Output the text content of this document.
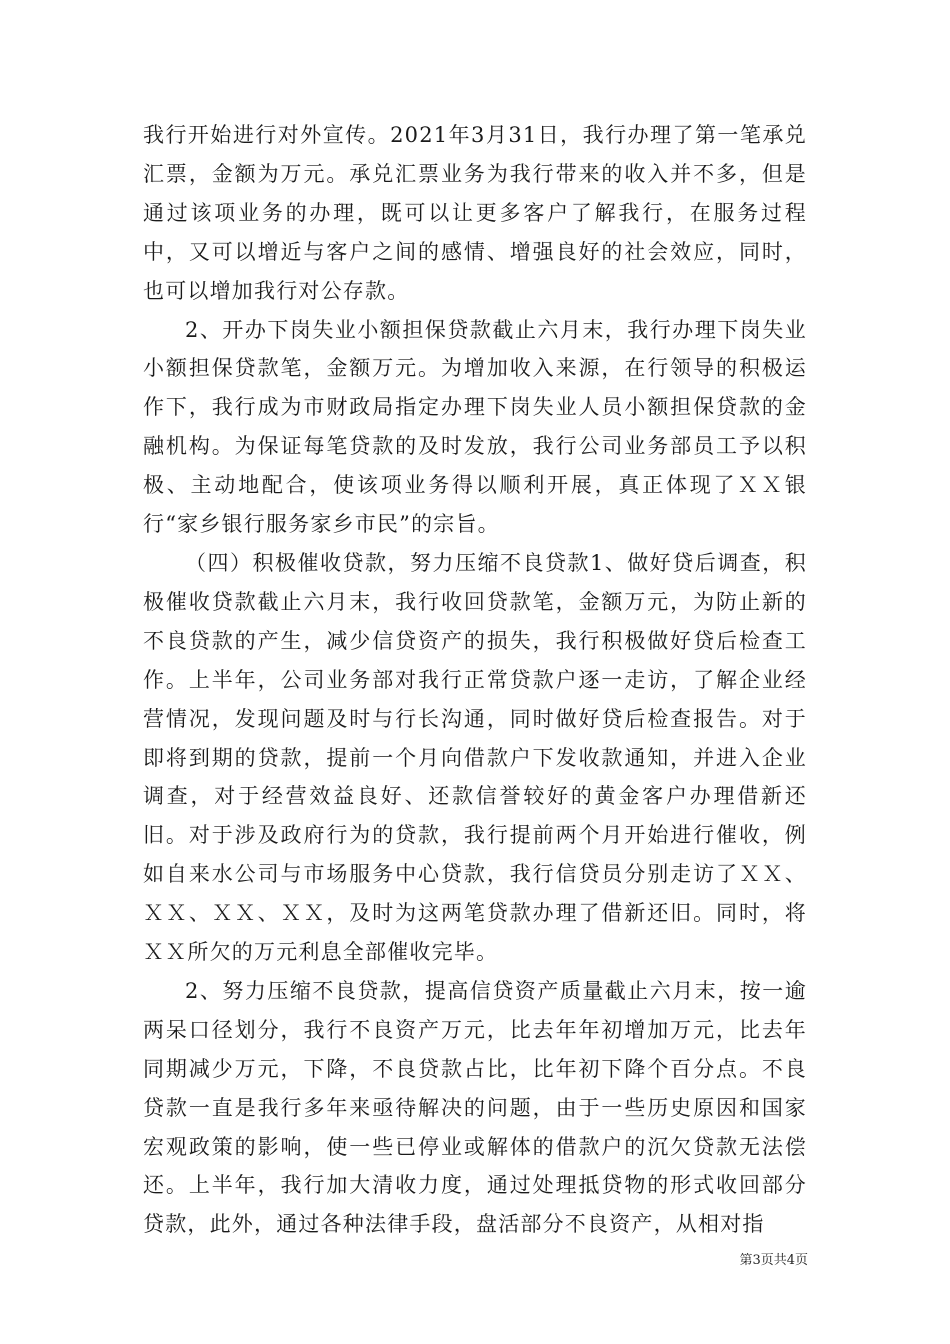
我行开始进行对外宣传。2021年3月31日，我行办理了第一笔承兑汇票，金额为万元。承兑汇票业务为我行带来的收入并不多，但是通过该项业务的办理，既可以让更多客户了解我行，在服务过程中，又可以增近与客户之间的感情、增强良好的社会效应，同时，也可以增加我行对公存款。

2、开办下岗失业小额担保贷款截止六月末，我行办理下岗失业小额担保贷款笔，金额万元。为增加收入来源，在行领导的积极运作下，我行成为市财政局指定办理下岗失业人员小额担保贷款的金融机构。为保证每笔贷款的及时发放，我行公司业务部员工予以积极、主动地配合，使该项业务得以顺利开展，真正体现了ＸＸ银行“家乡银行服务家乡市民”的宗旨。

（四）积极催收贷款，努力压缩不良贷款1、做好贷后调查，积极催收贷款截止六月末，我行收回贷款笔，金额万元，为防止新的不良贷款的产生，减少信贷资产的损失，我行积极做好贷后检查工作。上半年，公司业务部对我行正常贷款户逐一走访，了解企业经营情况，发现问题及时与行长沟通，同时做好贷后检查报告。对于即将到期的贷款，提前一个月向借款户下发收款通知，并进入企业调查，对于经营效益良好、还款信誉较好的黄金客户办理借新还旧。对于涉及政府行为的贷款，我行提前两个月开始进行催收，例如自来水公司与市场服务中心贷款，我行信贷员分别走访了ＸＸ、ＸＸ、ＸＸ、ＸＸ，及时为这两笔贷款办理了借新还旧。同时，将ＸＸ所欠的万元利息全部催收完毕。

2、努力压缩不良贷款，提高信贷资产质量截止六月末，按一逾两呆口径划分，我行不良资产万元，比去年年初增加万元，比去年同期减少万元，下降，不良贷款占比，比年初下降个百分点。不良贷款一直是我行多年来亟待解决的问题，由于一些历史原因和国家宏观政策的影响，使一些已停业或解体的借款户的沉欠贷款无法偿还。上半年，我行加大清收力度，通过处理抵贷物的形式收回部分贷款，此外，通过各种法律手段，盘活部分不良资产，从相对指

第3页共4页
